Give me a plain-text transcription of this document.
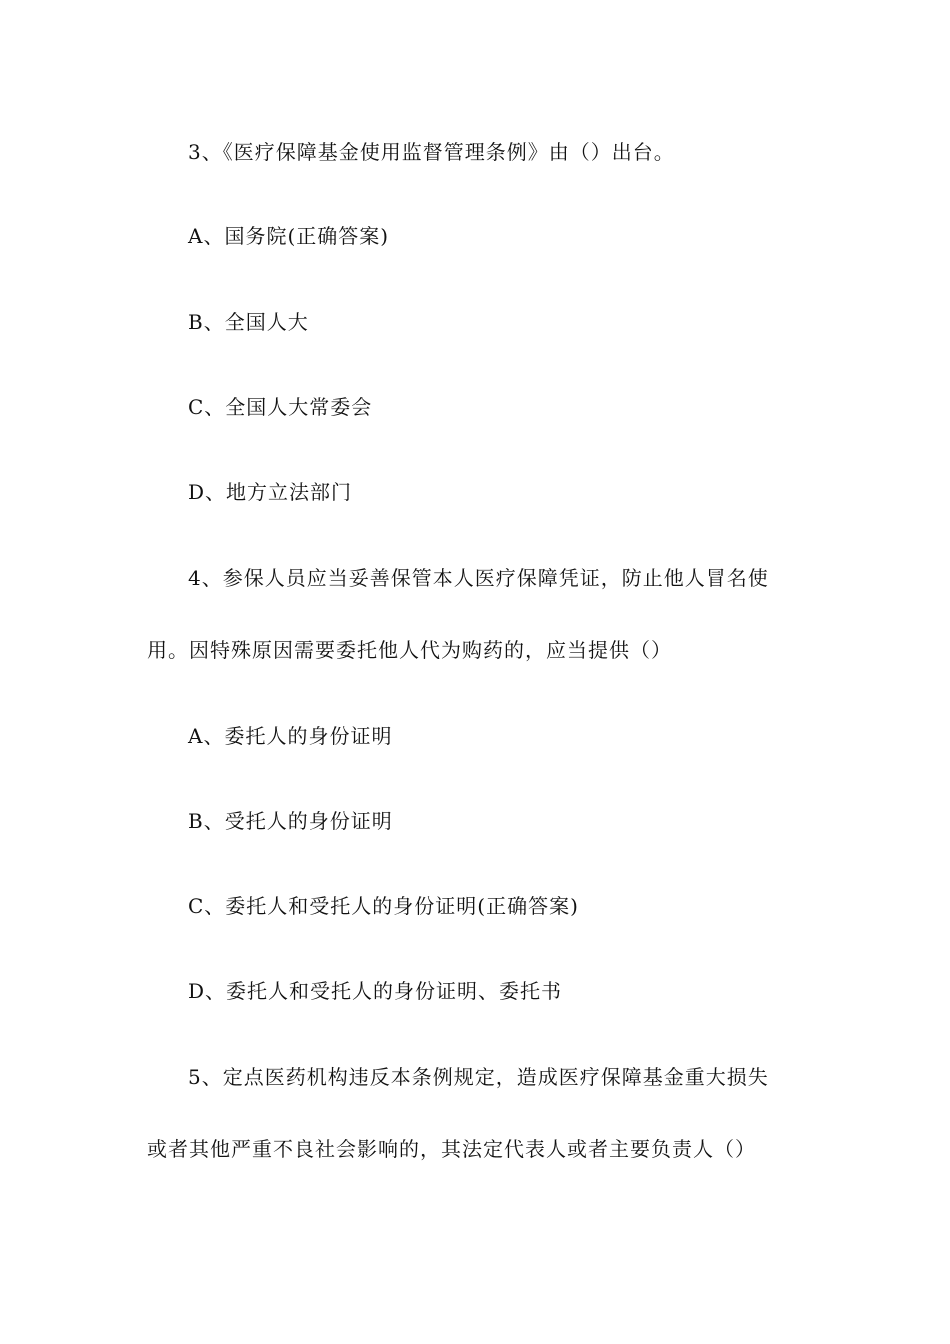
3、《医疗保障基金使用监督管理条例》由（）出台。
A、国务院(正确答案)
B、全国人大
C、全国人大常委会
D、地方立法部门
4、参保人员应当妥善保管本人医疗保障凭证，防止他人冒名使
用。因特殊原因需要委托他人代为购药的，应当提供（）
A、委托人的身份证明
B、受托人的身份证明
C、委托人和受托人的身份证明(正确答案)
D、委托人和受托人的身份证明、委托书
5、定点医药机构违反本条例规定，造成医疗保障基金重大损失
或者其他严重不良社会影响的，其法定代表人或者主要负责人（）
